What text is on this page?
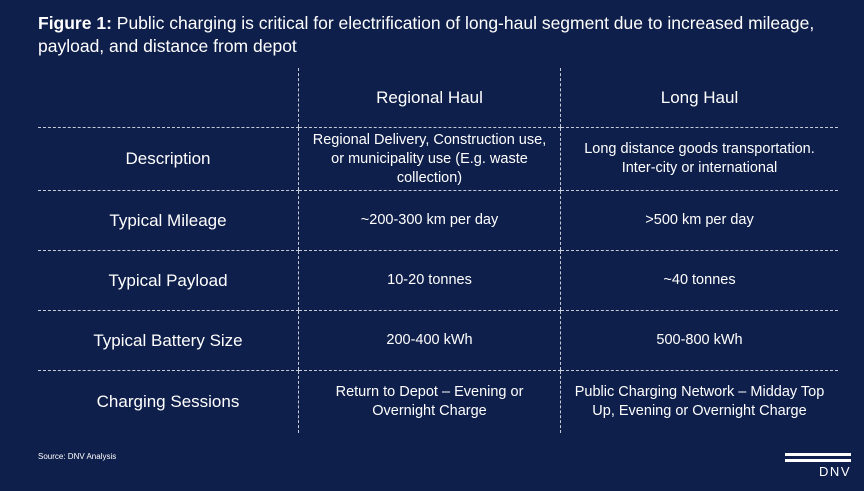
Figure 1: Public charging is critical for electrification of long-haul segment due to increased mileage, payload, and distance from depot
	Regional Haul	Long Haul
Description	Regional Delivery, Construction use, or municipality use (E.g. waste collection)	Long distance goods transportation. Inter-city or international
Typical Mileage	~200-300 km per day	>500 km per day
Typical Payload	10-20 tonnes	~40 tonnes
Typical Battery Size	200-400 kWh	500-800 kWh
Charging Sessions	Return to Depot – Evening or Overnight Charge	Public Charging Network – Midday Top Up, Evening or Overnight Charge
Source: DNV Analysis
DNV
